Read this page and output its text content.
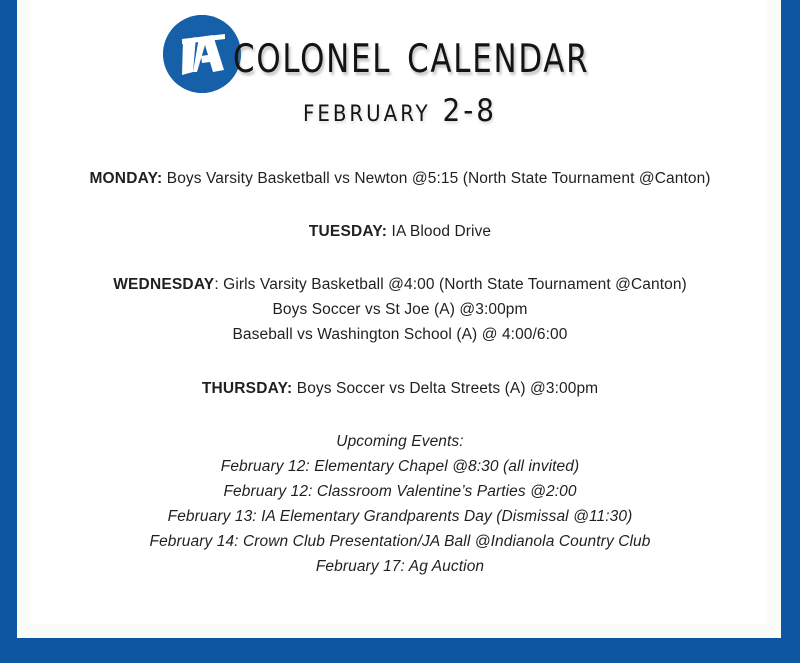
colonel calendar
february 2-8
MONDAY: Boys Varsity Basketball vs Newton @5:15 (North State Tournament @Canton)
TUESDAY: IA Blood Drive
WEDNESDAY: Girls Varsity Basketball @4:00 (North State Tournament @Canton)
Boys Soccer vs St Joe (A) @3:00pm
Baseball vs Washington School (A) @ 4:00/6:00
THURSDAY: Boys Soccer vs Delta Streets (A) @3:00pm
Upcoming Events:
February 12: Elementary Chapel @8:30 (all invited)
February 12: Classroom Valentine’s Parties @2:00
February 13: IA Elementary Grandparents Day (Dismissal @11:30)
February 14: Crown Club Presentation/JA Ball @Indianola Country Club
February 17: Ag Auction
